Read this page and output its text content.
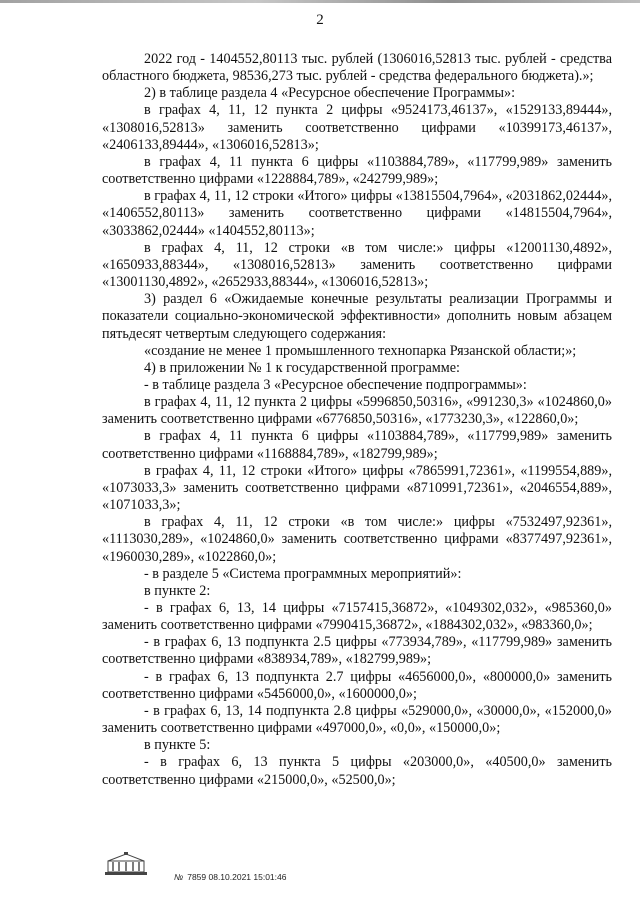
2

2022 год - 1404552,80113 тыс. рублей (1306016,52813 тыс. рублей - средства областного бюджета, 98536,273 тыс. рублей - средства федерального бюджета).»;

2) в таблице раздела 4 «Ресурсное обеспечение Программы»:

в графах 4, 11, 12 пункта 2 цифры «9524173,46137», «1529133,89444», «1308016,52813» заменить соответственно цифрами «10399173,46137», «2406133,89444», «1306016,52813»;

в графах 4, 11 пункта 6 цифры «1103884,789», «117799,989» заменить соответственно цифрами «1228884,789», «242799,989»;

в графах 4, 11, 12 строки «Итого» цифры «13815504,7964», «2031862,02444», «1406552,80113» заменить соответственно цифрами «14815504,7964», «3033862,02444» «1404552,80113»;

в графах 4, 11, 12 строки «в том числе:» цифры «12001130,4892», «1650933,88344», «1308016,52813» заменить соответственно цифрами «13001130,4892», «2652933,88344», «1306016,52813»;

3) раздел 6 «Ожидаемые конечные результаты реализации Программы и показатели социально-экономической эффективности» дополнить новым абзацем пятьдесят четвертым следующего содержания:

«создание не менее 1 промышленного технопарка Рязанской области;»;

4) в приложении № 1 к государственной программе:

- в таблице раздела 3 «Ресурсное обеспечение подпрограммы»:

в графах 4, 11, 12 пункта 2 цифры «5996850,50316», «991230,3» «1024860,0» заменить соответственно цифрами «6776850,50316», «1773230,3», «122860,0»;

в графах 4, 11 пункта 6 цифры «1103884,789», «117799,989» заменить соответственно цифрами «1168884,789», «182799,989»;

в графах 4, 11, 12 строки «Итого» цифры «7865991,72361», «1199554,889», «1073033,3» заменить соответственно цифрами «8710991,72361», «2046554,889», «1071033,3»;

в графах 4, 11, 12 строки «в том числе:» цифры «7532497,92361», «1113030,289», «1024860,0» заменить соответственно цифрами «8377497,92361», «1960030,289», «1022860,0»;

- в разделе 5 «Система программных мероприятий»:

в пункте 2:

- в графах 6, 13, 14 цифры «7157415,36872», «1049302,032», «985360,0» заменить соответственно цифрами «7990415,36872», «1884302,032», «983360,0»;

- в графах 6, 13 подпункта 2.5 цифры «773934,789», «117799,989» заменить соответственно цифрами «838934,789», «182799,989»;

- в графах 6, 13 подпункта 2.7 цифры «4656000,0», «800000,0» заменить соответственно цифрами «5456000,0», «1600000,0»;

- в графах 6, 13, 14 подпункта 2.8 цифры «529000,0», «30000,0», «152000,0» заменить соответственно цифрами «497000,0», «0,0», «150000,0»;

в пункте 5:

- в графах 6, 13 пункта 5 цифры «203000,0», «40500,0» заменить соответственно цифрами «215000,0», «52500,0»;

№ 7859 08.10.2021 15:01:46
